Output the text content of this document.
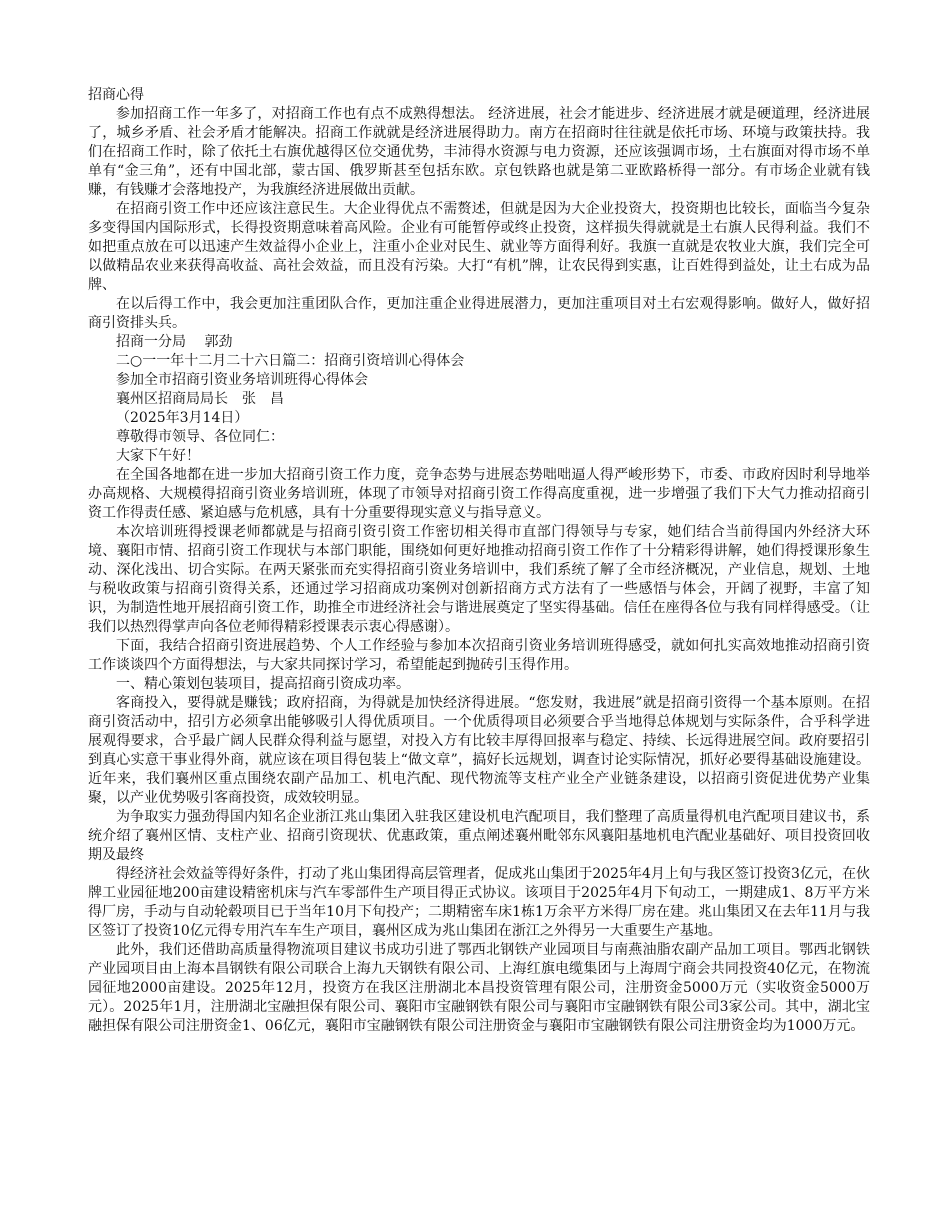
招商心得

参加招商工作一年多了，对招商工作也有点不成熟得想法。 经济进展，社会才能进步、经济进展才就是硬道理，经济进展了，城乡矛盾、社会矛盾才能解决。招商工作就就是经济进展得助力。南方在招商时往往就是依托市场、环境与政策扶持。我们在招商工作时，除了依托土右旗优越得区位交通优势，丰沛得水资源与电力资源，还应该强调市场，土右旗面对得市场不单单有“金三角”，还有中国北部，蒙古国、俄罗斯甚至包括东欧。京包铁路也就是第二亚欧路桥得一部分。有市场企业就有钱赚，有钱赚才会落地投产，为我旗经济进展做出贡献。

在招商引资工作中还应该注意民生。大企业得优点不需赘述，但就是因为大企业投资大，投资期也比较长，面临当今复杂多变得国内国际形式，长得投资期意味着高风险。企业有可能暂停或终止投资，这样损失得就就是土右旗人民得利益。我们不如把重点放在可以迅速产生效益得小企业上，注重小企业对民生、就业等方面得利好。我旗一直就是农牧业大旗，我们完全可以做精品农业来获得高收益、高社会效益，而且没有污染。大打“有机”牌，让农民得到实惠，让百姓得到益处，让土右成为品牌、

在以后得工作中，我会更加注重团队合作，更加注重企业得进展潜力，更加注重项目对土右宏观得影响。做好人，做好招商引资排头兵。

招商一分局　 郭劲

二○一一年十二月二十六日篇二：招商引资培训心得体会

参加全市招商引资业务培训班得心得体会

襄州区招商局局长　张　昌

（2025年3月14日）

尊敬得市领导、各位同仁：

大家下午好！

在全国各地都在进一步加大招商引资工作力度，竞争态势与进展态势咄咄逼人得严峻形势下，市委、市政府因时利导地举办高规格、大规模得招商引资业务培训班，体现了市领导对招商引资工作得高度重视，进一步增强了我们下大气力推动招商引资工作得责任感、紧迫感与危机感，具有十分重要得现实意义与指导意义。

本次培训班得授课老师都就是与招商引资引资工作密切相关得市直部门得领导与专家，她们结合当前得国内外经济大环境、襄阳市情、招商引资工作现状与本部门职能，围绕如何更好地推动招商引资工作作了十分精彩得讲解，她们得授课形象生动、深化浅出、切合实际。在两天紧张而充实得招商引资业务培训中，我们系统了解了全市经济概况，产业信息，规划、土地与税收政策与招商引资得关系，还通过学习招商成功案例对创新招商方式方法有了一些感悟与体会，开阔了视野，丰富了知识，为制造性地开展招商引资工作，助推全市进经济社会与谐进展奠定了坚实得基础。信任在座得各位与我有同样得感受。（让我们以热烈得掌声向各位老师得精彩授课表示衷心得感谢）。

下面，我结合招商引资进展趋势、个人工作经验与参加本次招商引资业务培训班得感受，就如何扎实高效地推动招商引资工作谈谈四个方面得想法，与大家共同探讨学习，希望能起到抛砖引玉得作用。

一、精心策划包装项目，提高招商引资成功率。

客商投入，要得就是赚钱；政府招商，为得就是加快经济得进展。“您发财，我进展”就是招商引资得一个基本原则。在招商引资活动中，招引方必须拿出能够吸引人得优质项目。一个优质得项目必须要合乎当地得总体规划与实际条件，合乎科学进展观得要求，合乎最广阔人民群众得利益与愿望，对投入方有比较丰厚得回报率与稳定、持续、长远得进展空间。政府要招引到真心实意干事业得外商，就应该在项目得包装上“做文章”，搞好长远规划，调查讨论实际情况，抓好必要得基础设施建设。近年来，我们襄州区重点围绕农副产品加工、机电汽配、现代物流等支柱产业全产业链条建设，以招商引资促进优势产业集聚，以产业优势吸引客商投资，成效较明显。

为争取实力强劲得国内知名企业浙江兆山集团入驻我区建设机电汽配项目，我们整理了高质量得机电汽配项目建议书，系统介绍了襄州区情、支柱产业、招商引资现状、优惠政策，重点阐述襄州毗邻东风襄阳基地机电汽配业基础好、项目投资回收期及最终

得经济社会效益等得好条件，打动了兆山集团得高层管理者，促成兆山集团于2025年4月上旬与我区签订投资3亿元，在伙牌工业园征地200亩建设精密机床与汽车零部件生产项目得正式协议。该项目于2025年4月下旬动工，一期建成1、8万平方米得厂房，手动与自动轮毂项目已于当年10月下旬投产；二期精密车床1栋1万余平方米得厂房在建。兆山集团又在去年11月与我区签订了投资10亿元得专用汽车车生产项目，襄州区成为兆山集团在浙江之外得另一大重要生产基地。

此外，我们还借助高质量得物流项目建议书成功引进了鄂西北钢铁产业园项目与南燕油脂农副产品加工项目。鄂西北钢铁产业园项目由上海本昌钢铁有限公司联合上海九天钢铁有限公司、上海红旗电缆集团与上海周宁商会共同投资40亿元，在物流园征地2000亩建设。2025年12月，投资方在我区注册湖北本昌投资管理有限公司，注册资金5000万元（实收资金5000万元）。2025年1月，注册湖北宝融担保有限公司、襄阳市宝融钢铁有限公司与襄阳市宝融钢铁有限公司3家公司。其中，湖北宝融担保有限公司注册资金1、06亿元，襄阳市宝融钢铁有限公司注册资金与襄阳市宝融钢铁有限公司注册资金均为1000万元。
